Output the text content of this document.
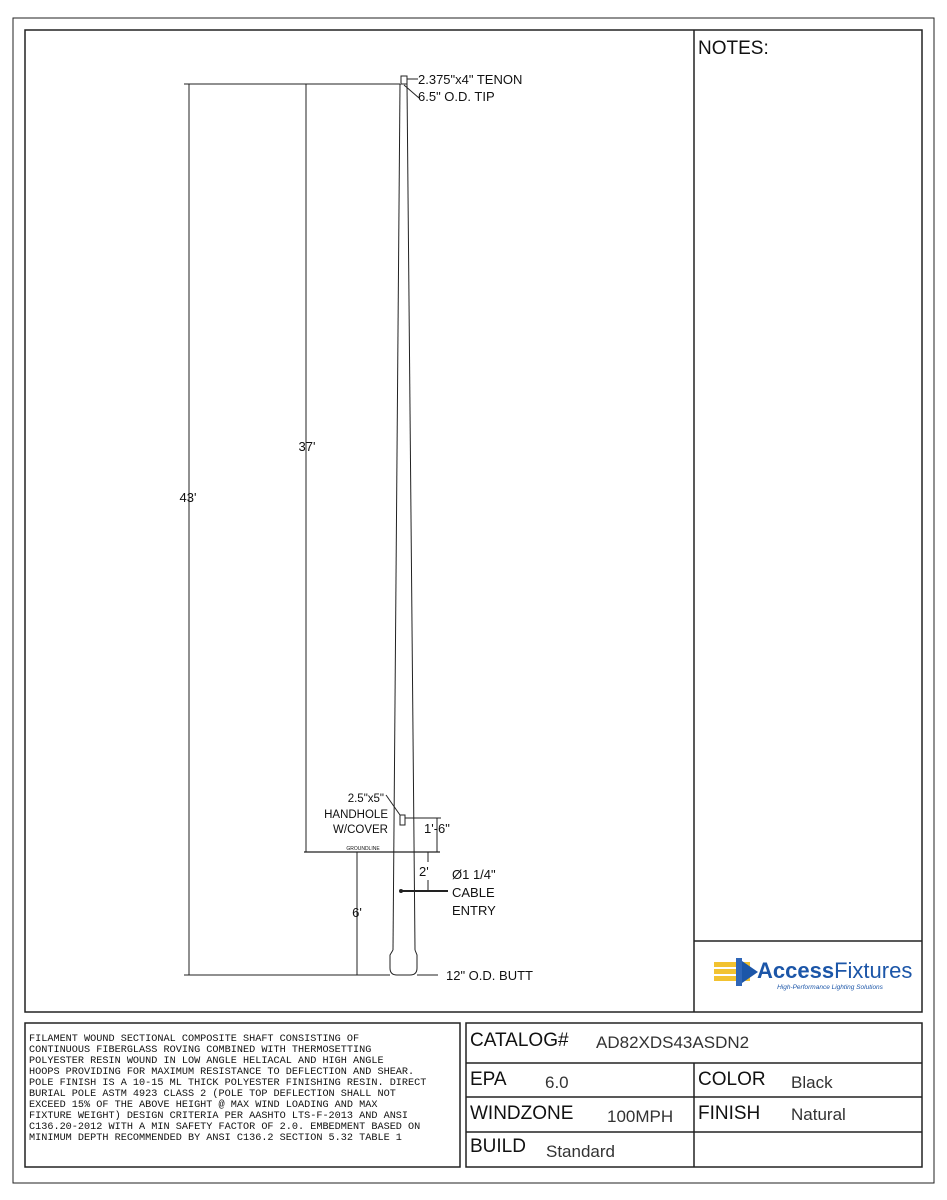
NOTES:
GROUNDLINE
43'
37'
6'
1'-6"
2' Ø1 1/4"
CABLE
ENTRY
2.375"x4" TENON
6.5" O.D. TIP
2.5"x5"
HANDHOLE
W/COVER
12" O.D. BUTT	AccessFixtures
High-Performance Lighting Solutions
FILAMENT WOUND SECTIONAL COMPOSITE SHAFT CONSISTING OF
CONTINUOUS FIBERGLASS ROVING COMBINED WITH THERMOSETTING
POLYESTER RESIN WOUND IN LOW ANGLE HELIACAL AND HIGH ANGLE
HOOPS PROVIDING FOR MAXIMUM RESISTANCE TO DEFLECTION AND SHEAR.
POLE FINISH IS A 10-15 ML THICK POLYESTER FINISHING RESIN. DIRECT
BURIAL POLE ASTM 4923 CLASS 2 (POLE TOP DEFLECTION SHALL NOT
EXCEED 15% OF THE ABOVE HEIGHT @ MAX WIND LOADING AND MAX
FIXTURE WEIGHT) DESIGN CRITERIA PER AASHTO LTS-F-2013 AND ANSI
C136.20-2012 WITH A MIN SAFETY FACTOR OF 2.0. EMBEDMENT BASED ON
MINIMUM DEPTH RECOMMENDED BY ANSI C136.2 SECTION 5.32 TABLE 1
CATALOG# AD82XDS43ASDN2
EPA 6.0	COLOR Black
WINDZONE 100MPH FINISH Natural
BUILD Standard
